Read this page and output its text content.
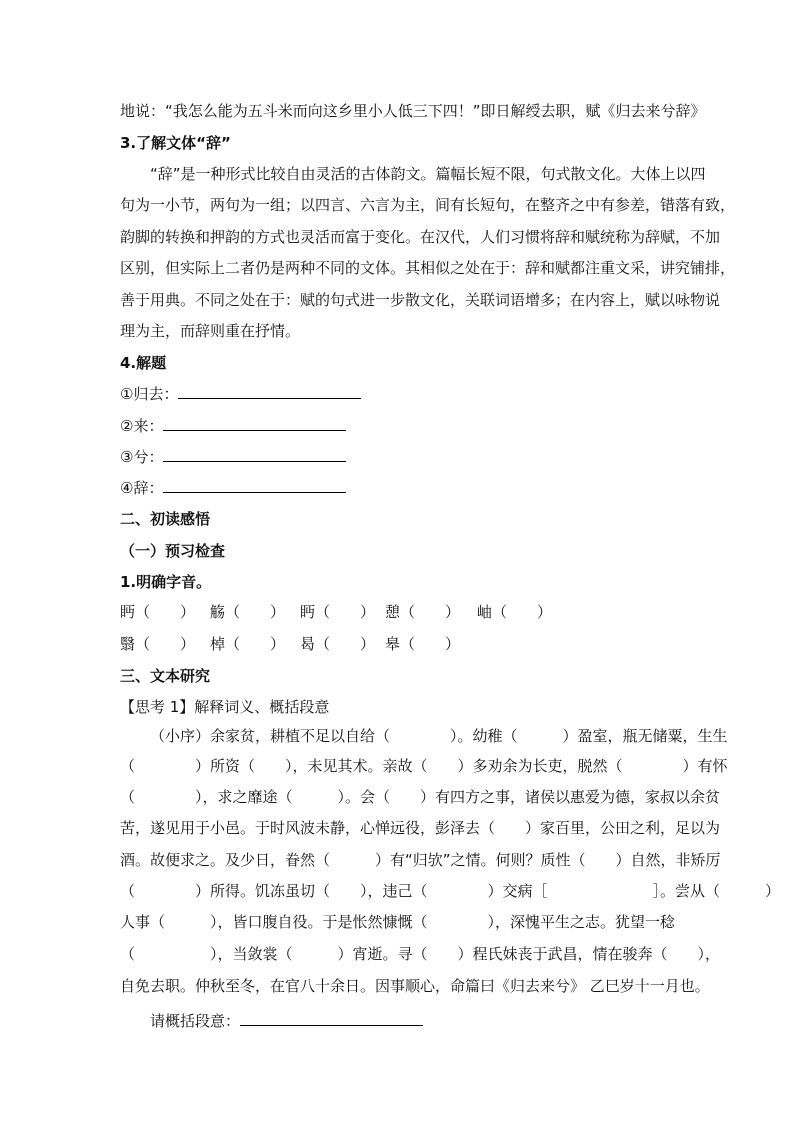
地说：“我怎么能为五斗米而向这乡里小人低三下四！”即日解绶去职，赋《归去来兮辞》
3.了解文体“辞”
“辞”是一种形式比较自由灵活的古体韵文。篇幅长短不限，句式散文化。大体上以四
句为一小节，两句为一组；以四言、六言为主，间有长短句，在整齐之中有参差，错落有致，
韵脚的转换和押韵的方式也灵活而富于变化。在汉代，人们习惯将辞和赋统称为辞赋，不加
区别，但实际上二者仍是两种不同的文体。其相似之处在于：辞和赋都注重文采，讲究铺排，
善于用典。不同之处在于：赋的句式进一步散文化，关联词语增多；在内容上，赋以咏物说
理为主，而辞则重在抒情。
4.解题
①归去：
②来：
③兮：
④辞：
二、初读感悟
（一）预习检查
1.明确字音。
眄（　　） 觞（　　） 眄（　　） 憩（　　） 岫（　　）
翳（　　） 棹（　　） 曷（　　） 皋（　　）
三、文本研究
【思考 1】解释词义、概括段意
（小序）余家贫，耕植不足以自给（　　　　）。幼稚（　　　）盈室，瓶无储粟，生生
（　　　　）所资（　　），未见其术。亲故（　　）多劝余为长吏，脱然（　　　　）有怀
（　　　　），求之靡途（　　　）。会（　　）有四方之事，诸侯以惠爱为德，家叔以余贫
苦，遂见用于小邑。于时风波未静，心惮远役，彭泽去（　　）家百里，公田之利，足以为
酒。故便求之。及少日，眷然（　　　）有“归欤”之情。何则？质性（　　）自然，非矫厉
（　　　　）所得。饥冻虽切（　　），违己（　　　　）交病［　　　　　　　］。尝从（　　　）
人事（　　　），皆口腹自役。于是怅然慷慨（　　　　），深愧平生之志。犹望一稔
（　　　　　），当敛裳（　　　）宵逝。寻（　　）程氏妹丧于武昌，情在骏奔（　　），
自免去职。仲秋至冬，在官八十余日。因事顺心，命篇曰《归去来兮》 乙巳岁十一月也。
请概括段意：
